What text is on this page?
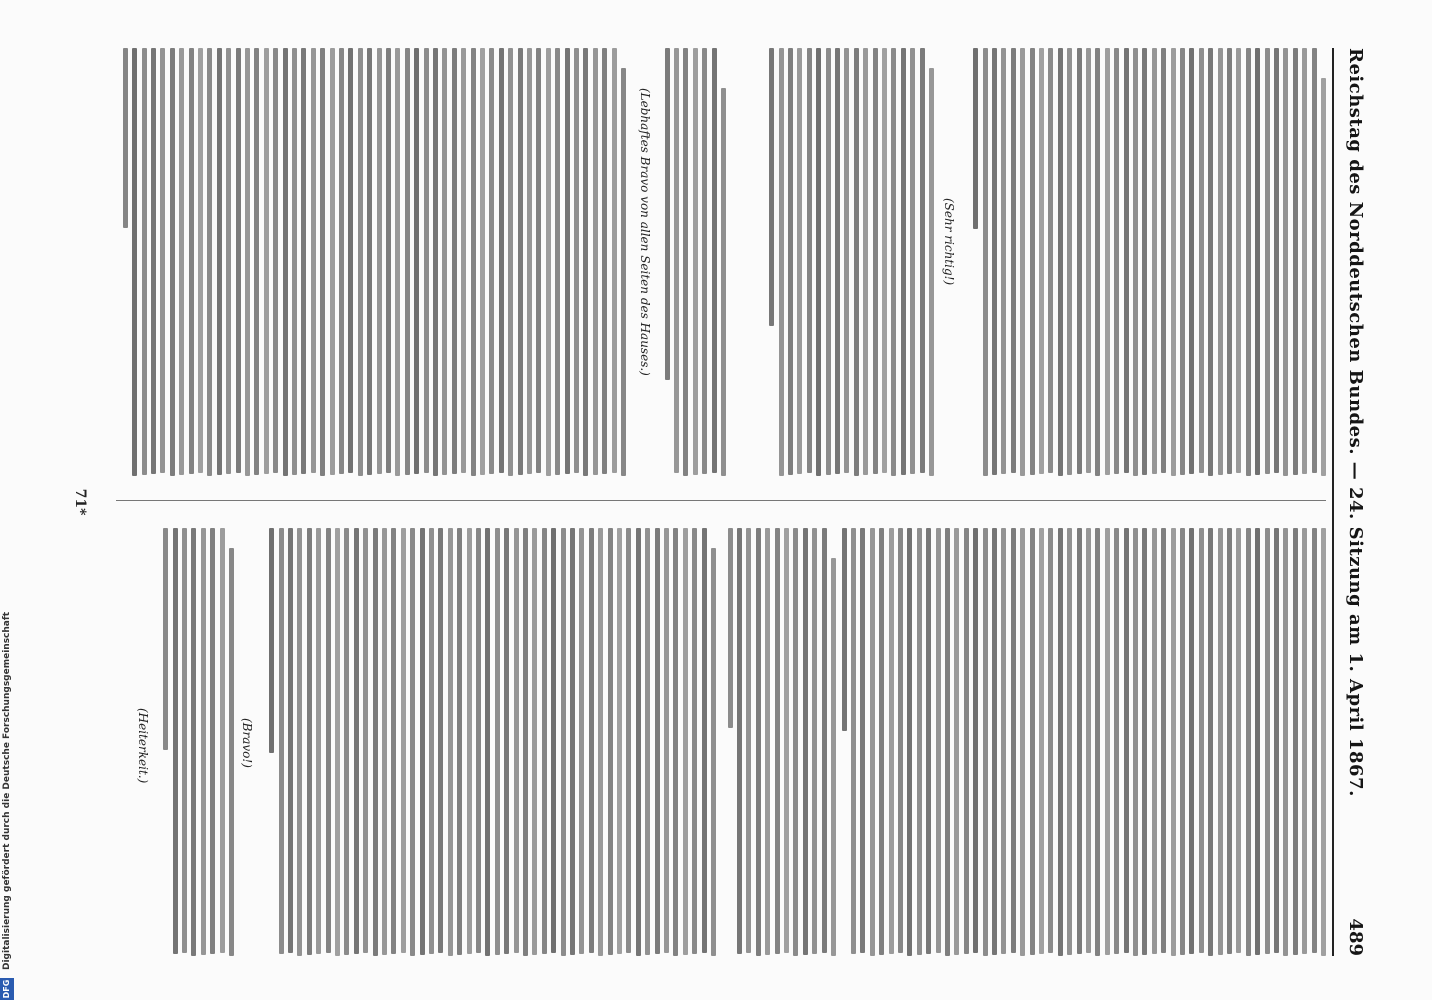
Reichstag des Norddeutschen Bundes. — 24. Sitzung am 1. April 1867.
489
(Sehr richtig!)
(Lebhaftes Bravo von allen Seiten des Hauses.)
(Bravo!)
(Heiterkeit.)
71*
DFG
Digitalisierung gefördert durch die Deutsche Forschungsgemeinschaft
